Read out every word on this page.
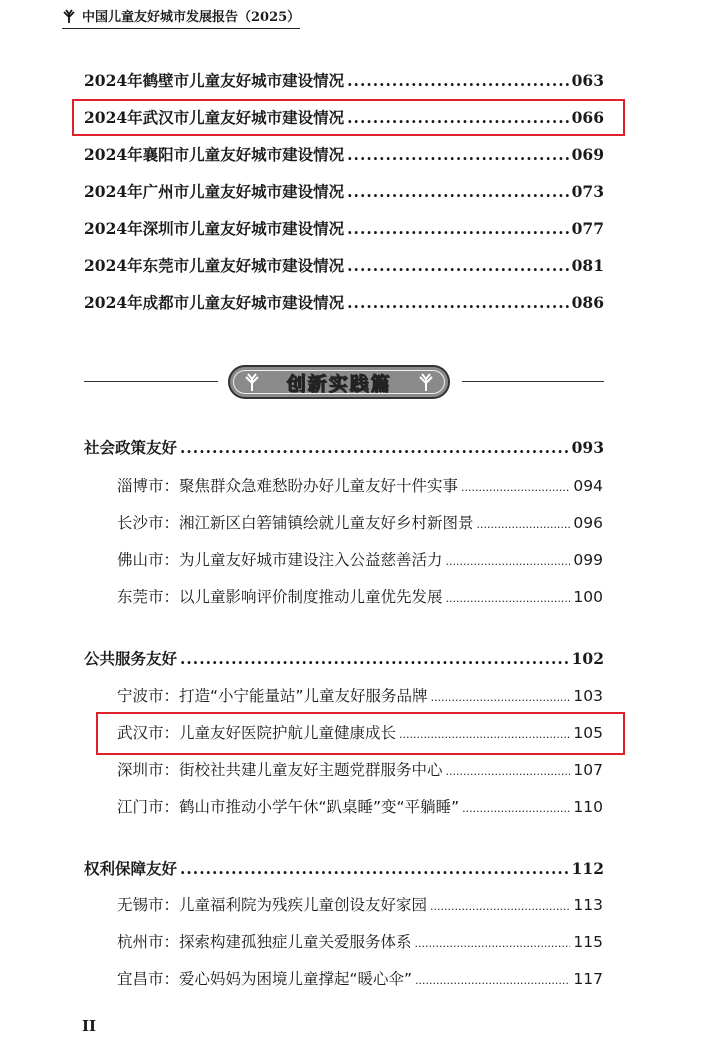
中国儿童友好城市发展报告（2025）
2024年鹤壁市儿童友好城市建设情况 .....	063
2024年武汉市儿童友好城市建设情况 .....	066
2024年襄阳市儿童友好城市建设情况 .....	069
2024年广州市儿童友好城市建设情况 .....	073
2024年深圳市儿童友好城市建设情况 .....	077
2024年东莞市儿童友好城市建设情况 .....	081
2024年成都市儿童友好城市建设情况 .....	086
创新实践篇
社会政策友好 .....	093
淄博市：聚焦群众急难愁盼办好儿童友好十件实事 .....	094
长沙市：湘江新区白箬铺镇绘就儿童友好乡村新图景 .....	096
佛山市：为儿童友好城市建设注入公益慈善活力 .....	099
东莞市：以儿童影响评价制度推动儿童优先发展 .....	100
公共服务友好 .....	102
宁波市：打造“小宁能量站”儿童友好服务品牌 .....	103
武汉市：儿童友好医院护航儿童健康成长 .....	105
深圳市：街校社共建儿童友好主题党群服务中心 .....	107
江门市：鹤山市推动小学午休“趴桌睡”变“平躺睡” .....	110
权利保障友好 .....	112
无锡市：儿童福利院为残疾儿童创设友好家园 .....	113
杭州市：探索构建孤独症儿童关爱服务体系 .....	115
宜昌市：爱心妈妈为困境儿童撑起“暖心伞” .....	117
II
